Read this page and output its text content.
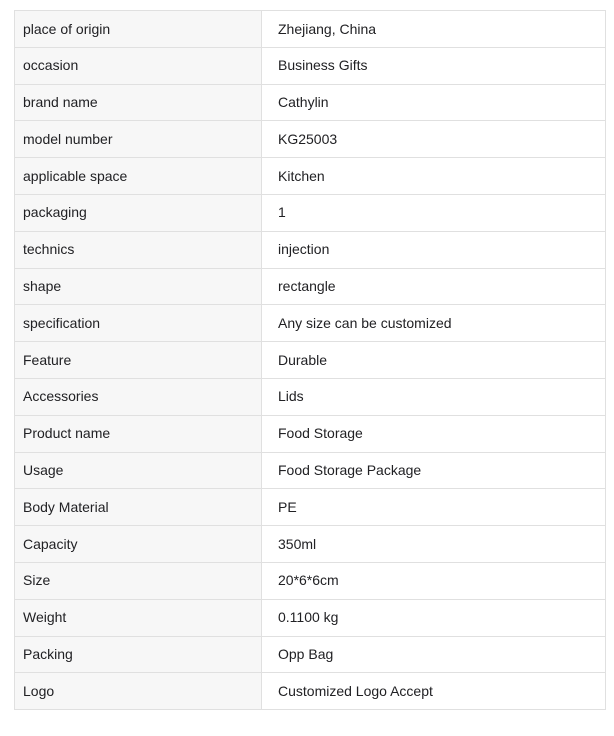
place of origin	Zhejiang, China
occasion	Business Gifts
brand name	Cathylin
model number	KG25003
applicable space	Kitchen
packaging	1
technics	injection
shape	rectangle
specification	Any size can be customized
Feature	Durable
Accessories	Lids
Product name	Food Storage
Usage	Food Storage Package
Body Material	PE
Capacity	350ml
Size	20*6*6cm
Weight	0.1100 kg
Packing	Opp Bag
Logo	Customized Logo Accept
